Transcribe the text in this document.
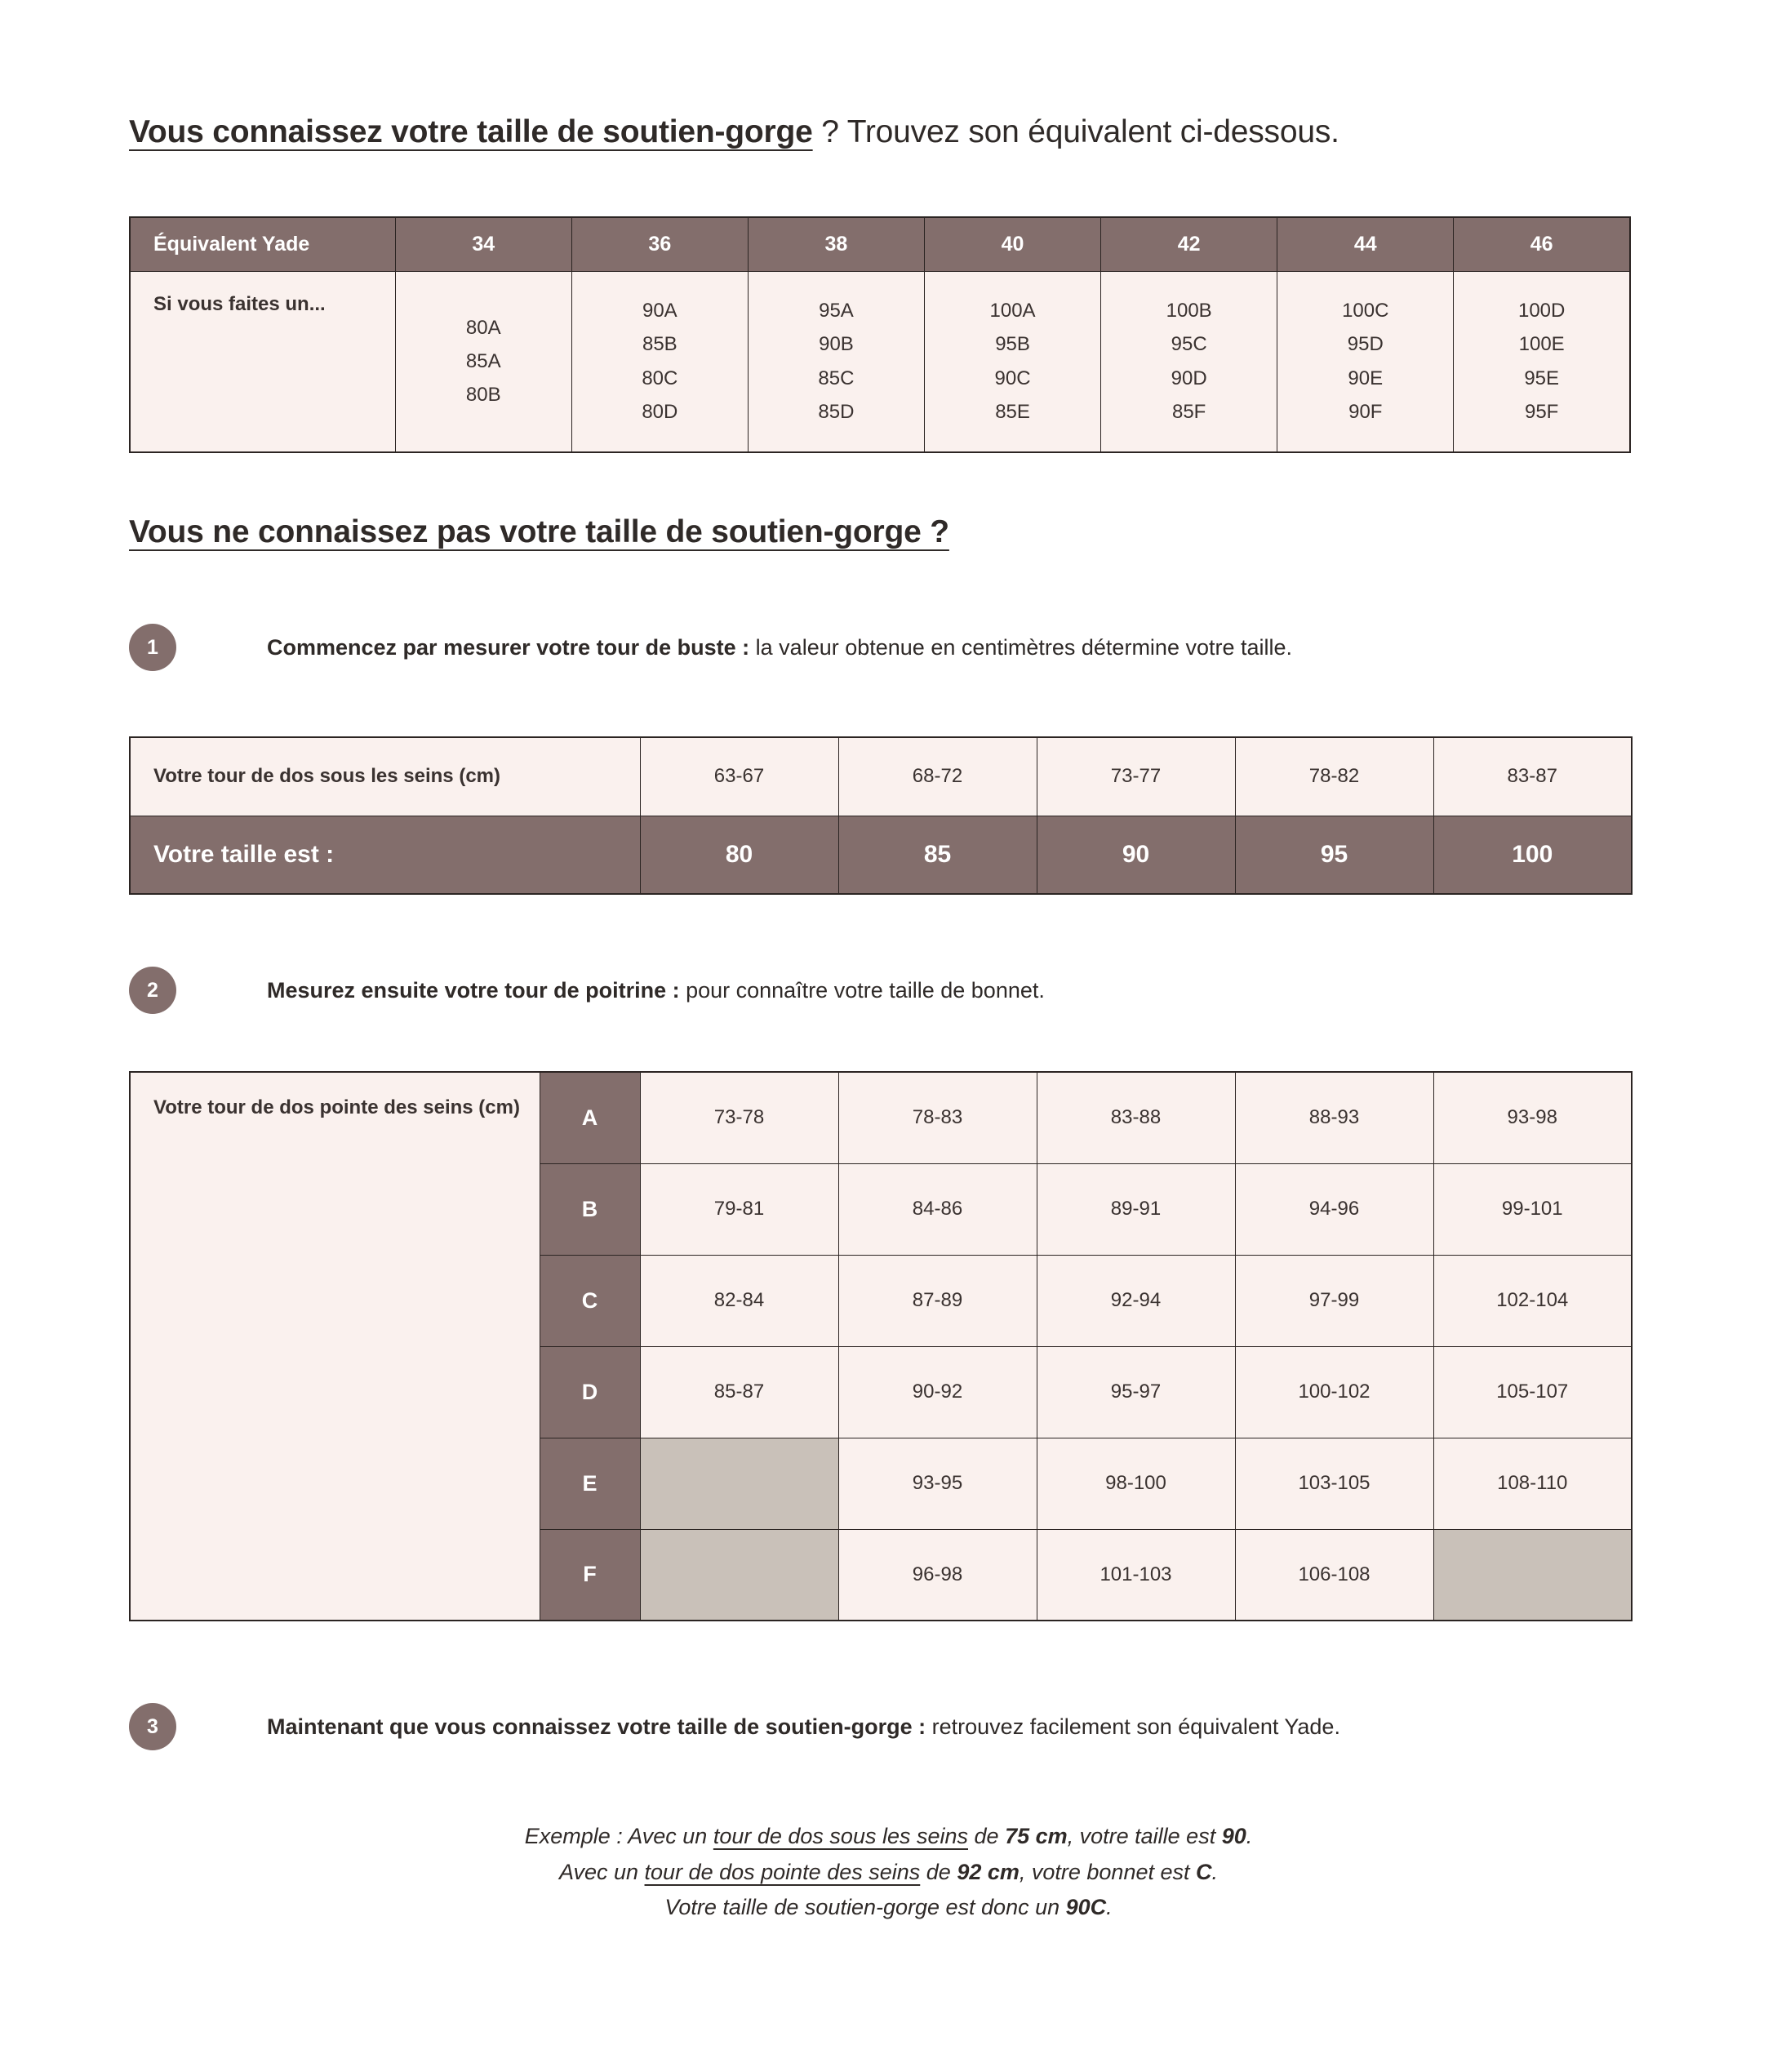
Vous connaissez votre taille de soutien-gorge ? Trouvez son équivalent ci-dessous.
Équivalent Yade	34	36	38	40	42	44	46
Si vous faites un...	
80A
85A
80B

90A
85B
80C
80D

95A
90B
85C
85D

100A
95B
90C
85E

100B
95C
90D
85F

100C
95D
90E
90F

100D
100E
95E
95F
Vous ne connaissez pas votre taille de soutien-gorge ?
1	Commencez par mesurer votre tour de buste : la valeur obtenue en centimètres détermine votre taille.
Votre tour de dos sous les seins (cm)	63-67	68-72	73-77	78-82	83-87
Votre taille est :	80	85	90	95	100
2	Mesurez ensuite votre tour de poitrine : pour connaître votre taille de bonnet.
Votre tour de dos pointe des seins (cm)	A	73-78	78-83	83-88	88-93	93-98
	B	79-81	84-86	89-91	94-96	99-101
	C	82-84	87-89	92-94	97-99	102-104
	D	85-87	90-92	95-97	100-102	105-107
	E		93-95	98-100	103-105	108-110
	F		96-98	101-103	106-108	
3	Maintenant que vous connaissez votre taille de soutien-gorge : retrouvez facilement son équivalent Yade.
Exemple : Avec un tour de dos sous les seins de 75 cm, votre taille est 90.
Avec un tour de dos pointe des seins de 92 cm, votre bonnet est C.
Votre taille de soutien-gorge est donc un 90C.
